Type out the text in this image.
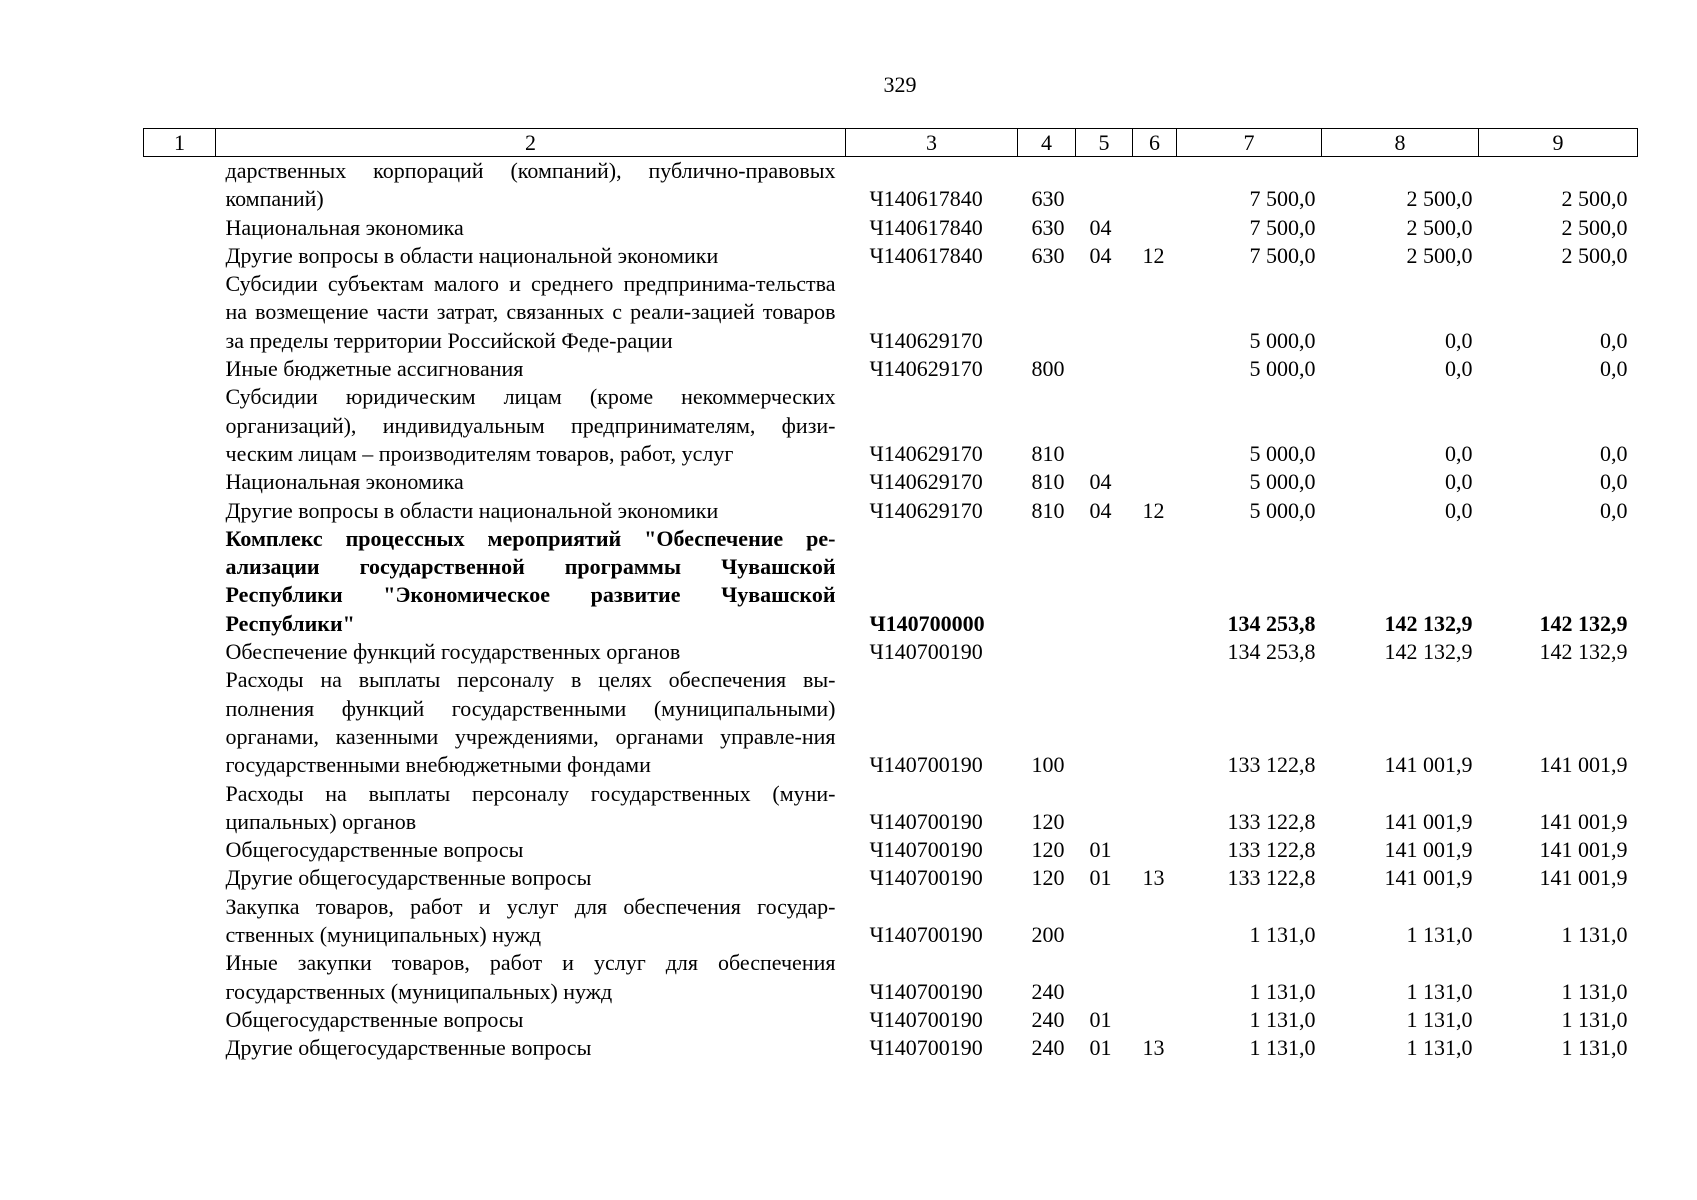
329
1	2	3	4	5	6	7	8	9
	дарственных корпораций (компаний), публично-правовых компаний)	Ч140617840	630			7 500,0	2 500,0	2 500,0
	Национальная экономика	Ч140617840	630	04		7 500,0	2 500,0	2 500,0
	Другие вопросы в области национальной экономики	Ч140617840	630	04	12	7 500,0	2 500,0	2 500,0
	Субсидии субъектам малого и среднего предпринима-тельства на возмещение части затрат, связанных с реали-зацией товаров за пределы территории Российской Феде-рации	Ч140629170				5 000,0	0,0	0,0
	Иные бюджетные ассигнования	Ч140629170	800			5 000,0	0,0	0,0
	Субсидии юридическим лицам (кроме некоммерческих организаций), индивидуальным предпринимателям, физи-ческим лицам – производителям товаров, работ, услуг	Ч140629170	810			5 000,0	0,0	0,0
	Национальная экономика	Ч140629170	810	04		5 000,0	0,0	0,0
	Другие вопросы в области национальной экономики	Ч140629170	810	04	12	5 000,0	0,0	0,0
	Комплекс процессных мероприятий "Обеспечение ре-ализации государственной программы Чувашской Республики "Экономическое развитие Чувашской Республики"	Ч140700000				134 253,8	142 132,9	142 132,9
	Обеспечение функций государственных органов	Ч140700190				134 253,8	142 132,9	142 132,9
	Расходы на выплаты персоналу в целях обеспечения вы-полнения функций государственными (муниципальными) органами, казенными учреждениями, органами управле-ния государственными внебюджетными фондами	Ч140700190	100			133 122,8	141 001,9	141 001,9
	Расходы на выплаты персоналу государственных (муни-ципальных) органов	Ч140700190	120			133 122,8	141 001,9	141 001,9
	Общегосударственные вопросы	Ч140700190	120	01		133 122,8	141 001,9	141 001,9
	Другие общегосударственные вопросы	Ч140700190	120	01	13	133 122,8	141 001,9	141 001,9
	Закупка товаров, работ и услуг для обеспечения государ-ственных (муниципальных) нужд	Ч140700190	200			1 131,0	1 131,0	1 131,0
	Иные закупки товаров, работ и услуг для обеспечения государственных (муниципальных) нужд	Ч140700190	240			1 131,0	1 131,0	1 131,0
	Общегосударственные вопросы	Ч140700190	240	01		1 131,0	1 131,0	1 131,0
	Другие общегосударственные вопросы	Ч140700190	240	01	13	1 131,0	1 131,0	1 131,0
